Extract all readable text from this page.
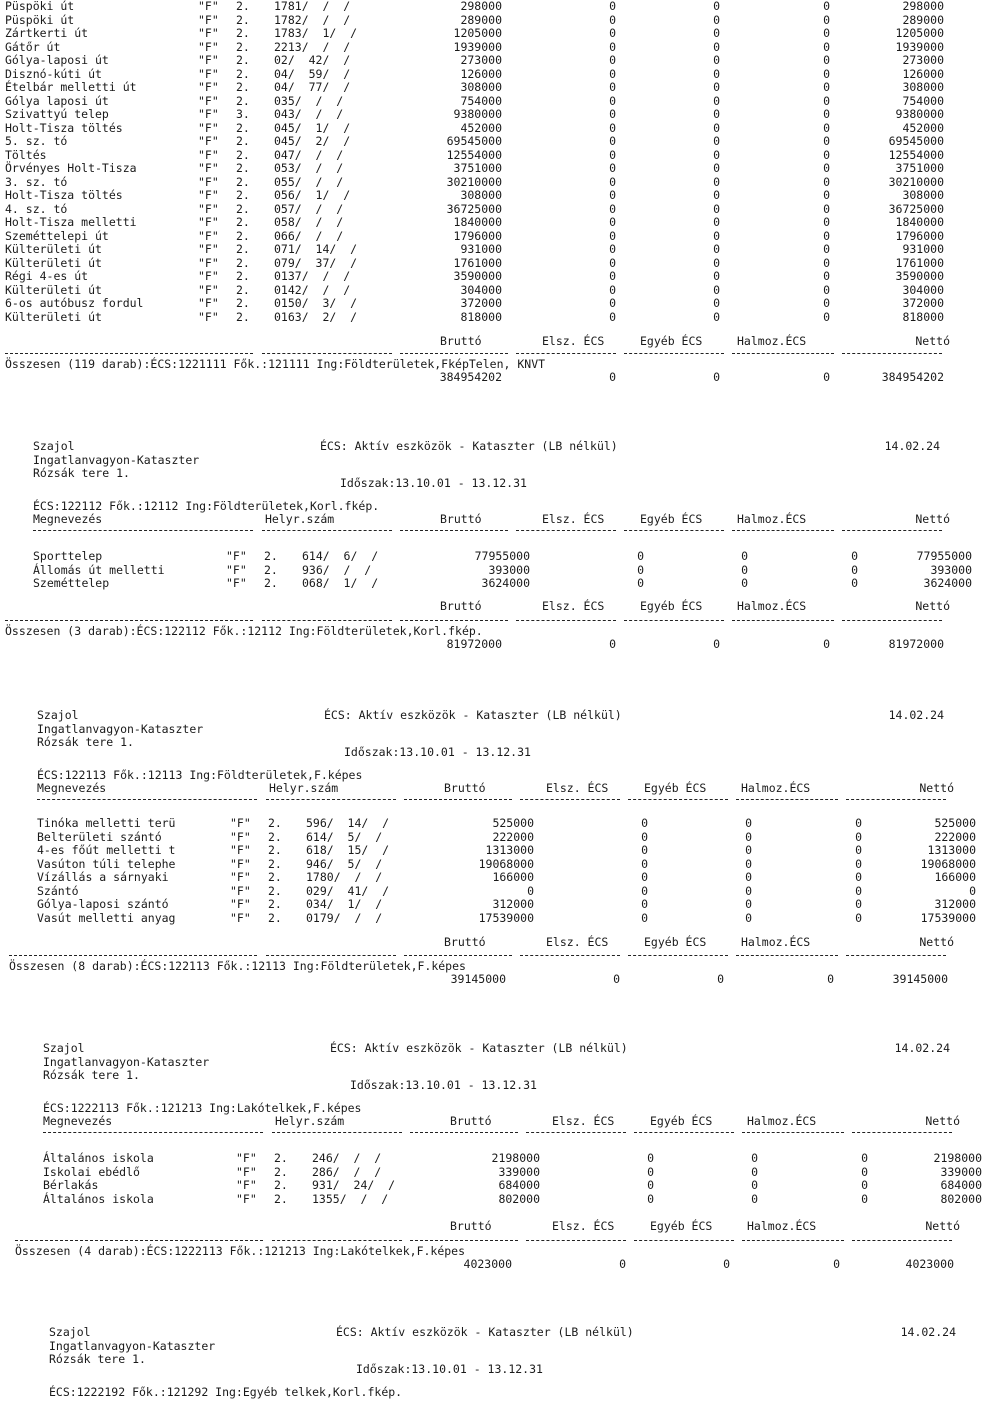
Püspöki út	"F" 2. 1781/  /  /	298000	0	0	0	298000
Püspöki út	"F" 2. 1782/  /  /	289000	0	0	0	289000
Zártkerti út	"F" 2. 1783/  1/  /	1205000	0	0	0	1205000
Gátőr út	"F" 2. 2213/  /  /	1939000	0	0	0	1939000
Gólya-laposi út	"F" 2. 02/  42/  /	273000	0	0	0	273000
Disznó-kúti út	"F" 2. 04/  59/  /	126000	0	0	0	126000
Ételbár melletti út	"F" 2. 04/  77/  /	308000	0	0	0	308000
Gólya laposi út	"F" 2. 035/  /  /	754000	0	0	0	754000
Szivattyú telep	"F" 3. 043/  /  /	9380000	0	0	0	9380000
Holt-Tisza töltés	"F" 2. 045/  1/  /	452000	0	0	0	452000
5. sz. tó	"F" 2. 045/  2/  /	69545000	0	0	0	69545000
Töltés	"F" 2. 047/  /  /	12554000	0	0	0	12554000
Örvényes Holt-Tisza	"F" 2. 053/  /  /	3751000	0	0	0	3751000
3. sz. tó	"F" 2. 055/  /  /	30210000	0	0	0	30210000
Holt-Tisza töltés	"F" 2. 056/  1/  /	308000	0	0	0	308000
4. sz. tó	"F" 2. 057/  /  /	36725000	0	0	0	36725000
Holt-Tisza melletti	"F" 2. 058/  /  /	1840000	0	0	0	1840000
Szeméttelepi út	"F" 2. 066/  /  /	1796000	0	0	0	1796000
Külterületi út	"F" 2. 071/  14/  /	931000	0	0	0	931000
Külterületi út	"F" 2. 079/  37/  /	1761000	0	0	0	1761000
Régi 4-es út	"F" 2. 0137/  /  /	3590000	0	0	0	3590000
Külterületi út	"F" 2. 0142/  /  /	304000	0	0	0	304000
6-os autóbusz fordul	"F" 2. 0150/  3/  /	372000	0	0	0	372000
Külterületi út	"F" 2. 0163/  2/  /	818000	0	0	0	818000
Bruttó	Elsz. ÉCS	Egyéb ÉCS	Halmoz.ÉCS	Nettó
Összesen (119 darab):ÉCS:1221111 Fők.:121111 Ing:Földterületek,FképTelen, KNVT
384954202	0	0	0	384954202
Szajol	ÉCS: Aktív eszközök - Kataszter (LB nélkül)	14.02.24
Ingatlanvagyon-Kataszter
Rózsák tere 1.
Időszak:13.10.01 - 13.12.31
ÉCS:122112 Fők.:12112 Ing:Földterületek,Korl.fkép.
Megnevezés	Helyr.szám	Bruttó	Elsz. ÉCS	Egyéb ÉCS	Halmoz.ÉCS	Nettó
Sporttelep	"F" 2. 614/  6/  /	77955000	0	0	0	77955000
Állomás út melletti	"F" 2. 936/  /  /	393000	0	0	0	393000
Szeméttelep	"F" 2. 068/  1/  /	3624000	0	0	0	3624000
Bruttó	Elsz. ÉCS	Egyéb ÉCS	Halmoz.ÉCS	Nettó
Összesen (3 darab):ÉCS:122112 Fők.:12112 Ing:Földterületek,Korl.fkép.
81972000	0	0	0	81972000
Szajol	ÉCS: Aktív eszközök - Kataszter (LB nélkül)	14.02.24
Ingatlanvagyon-Kataszter
Rózsák tere 1.
Időszak:13.10.01 - 13.12.31
ÉCS:122113 Fők.:12113 Ing:Földterületek,F.képes
Megnevezés	Helyr.szám	Bruttó	Elsz. ÉCS	Egyéb ÉCS	Halmoz.ÉCS	Nettó
Tinóka melletti terü	"F" 2. 596/  14/  /	525000	0	0	0	525000
Belterületi szántó	"F" 2. 614/  5/  /	222000	0	0	0	222000
4-es főút melletti t	"F" 2. 618/  15/  /	1313000	0	0	0	1313000
Vasúton túli telephe	"F" 2. 946/  5/  /	19068000	0	0	0	19068000
Vízállás a sárnyaki	"F" 2. 1780/  /  /	166000	0	0	0	166000
Szántó	"F" 2. 029/  41/  /	0	0	0	0	0
Gólya-laposi szántó	"F" 2. 034/  1/  /	312000	0	0	0	312000
Vasút melletti anyag	"F" 2. 0179/  /  /	17539000	0	0	0	17539000
Bruttó	Elsz. ÉCS	Egyéb ÉCS	Halmoz.ÉCS	Nettó
Összesen (8 darab):ÉCS:122113 Fők.:12113 Ing:Földterületek,F.képes
39145000	0	0	0	39145000
Szajol	ÉCS: Aktív eszközök - Kataszter (LB nélkül)	14.02.24
Ingatlanvagyon-Kataszter
Rózsák tere 1.
Időszak:13.10.01 - 13.12.31
ÉCS:1222113 Fők.:121213 Ing:Lakótelkek,F.képes
Megnevezés	Helyr.szám	Bruttó	Elsz. ÉCS	Egyéb ÉCS	Halmoz.ÉCS	Nettó
Általános iskola	"F" 2. 246/  /  /	2198000	0	0	0	2198000
Iskolai ebédlő	"F" 2. 286/  /  /	339000	0	0	0	339000
Bérlakás	"F" 2. 931/  24/  /	684000	0	0	0	684000
Általános iskola	"F" 2. 1355/  /  /	802000	0	0	0	802000
Bruttó	Elsz. ÉCS	Egyéb ÉCS	Halmoz.ÉCS	Nettó
Összesen (4 darab):ÉCS:1222113 Fők.:121213 Ing:Lakótelkek,F.képes
4023000	0	0	0	4023000
Szajol	ÉCS: Aktív eszközök - Kataszter (LB nélkül)	14.02.24
Ingatlanvagyon-Kataszter
Rózsák tere 1.
Időszak:13.10.01 - 13.12.31
ÉCS:1222192 Fők.:121292 Ing:Egyéb telkek,Korl.fkép.
